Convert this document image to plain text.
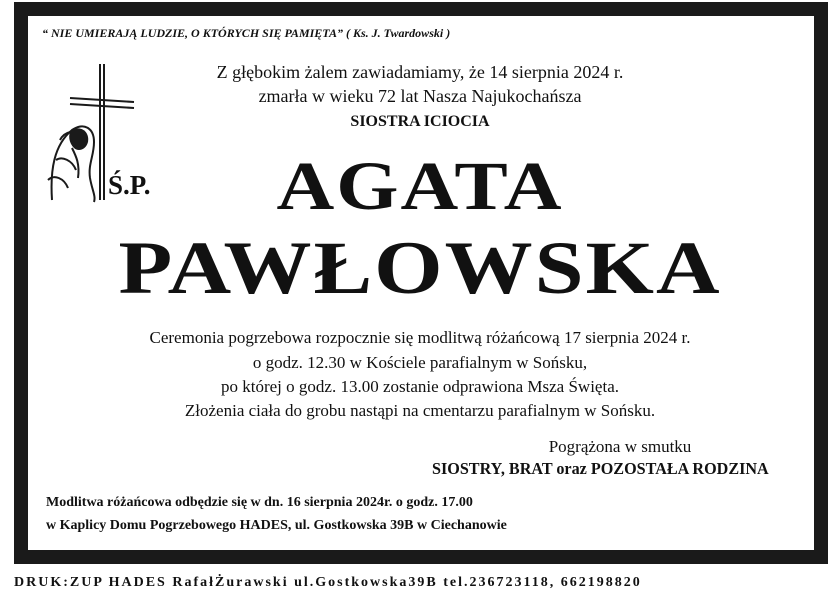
“ NIE UMIERAJĄ LUDZIE, O KTÓRYCH SIĘ PAMIĘTA” ( Ks. J. Twardowski )
Z głębokim żalem zawiadamiamy, że 14 sierpnia 2024 r.
zmarła w wieku 72 lat Nasza Najukochańsza
SIOSTRA ICIOCIA
Ś.P.	AGATA
PAWŁOWSKA
Ceremonia pogrzebowa rozpocznie się modlitwą różańcową 17 sierpnia 2024 r.
o godz. 12.30 w Kościele parafialnym w Sońsku,
po której o godz. 13.00 zostanie odprawiona Msza Święta.
Złożenia ciała do grobu nastąpi na cmentarzu parafialnym w Sońsku.
Pogrążona w smutku
SIOSTRY, BRAT oraz POZOSTAŁA RODZINA
Modlitwa różańcowa odbędzie się w dn. 16 sierpnia 2024r. o godz. 17.00
w Kaplicy Domu Pogrzebowego HADES, ul. Gostkowska 39B w Ciechanowie
DRUK:ZUP HADES RafałŻurawski ul.Gostkowska39B tel.236723118, 662198820
